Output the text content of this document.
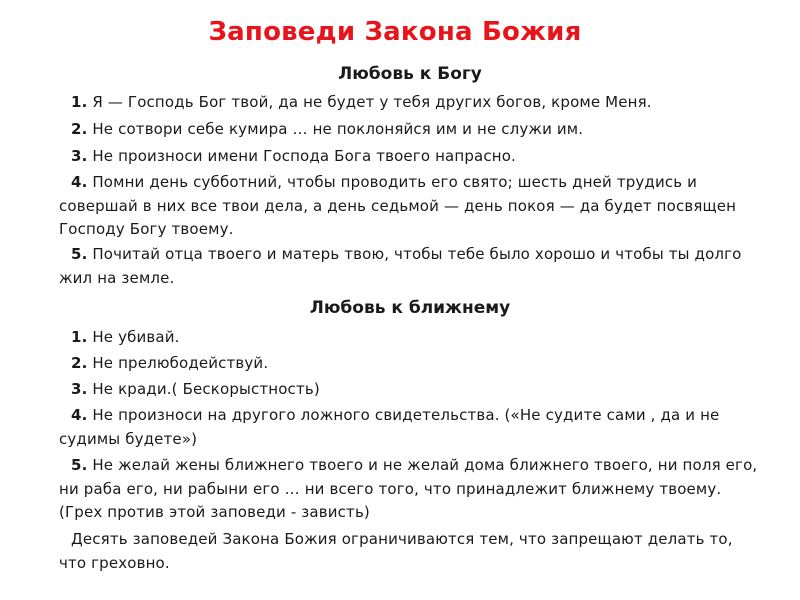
Заповеди Закона Божия
Любовь к Богу
1. Я — Господь Бог твой, да не будет у тебя других богов, кроме Меня.
2. Не сотвори себе кумира … не поклоняйся им и не служи им.
3. Не произноси имени Господа Бога твоего напрасно.
4. Помни день субботний, чтобы проводить его свято; шесть дней трудись и совершай в них все твои дела, а день седьмой — день покоя — да будет посвящен Господу Богу твоему.
5. Почитай отца твоего и матерь твою, чтобы тебе было хорошо и чтобы ты долго жил на земле.
Любовь к ближнему
1. Не убивай.
2. Не прелюбодействуй.
3. Не кради.( Бескорыстность)
4. Не произноси на другого ложного свидетельства. («Не судите сами , да и не судимы будете»)
5. Не желай жены ближнего твоего и не желай дома ближнего твоего, ни поля его, ни раба его, ни рабыни его … ни всего того, что принадлежит ближнему твоему. (Грех против этой заповеди - зависть)
Десять заповедей Закона Божия ограничиваются тем, что запрещают делать то, что греховно.
